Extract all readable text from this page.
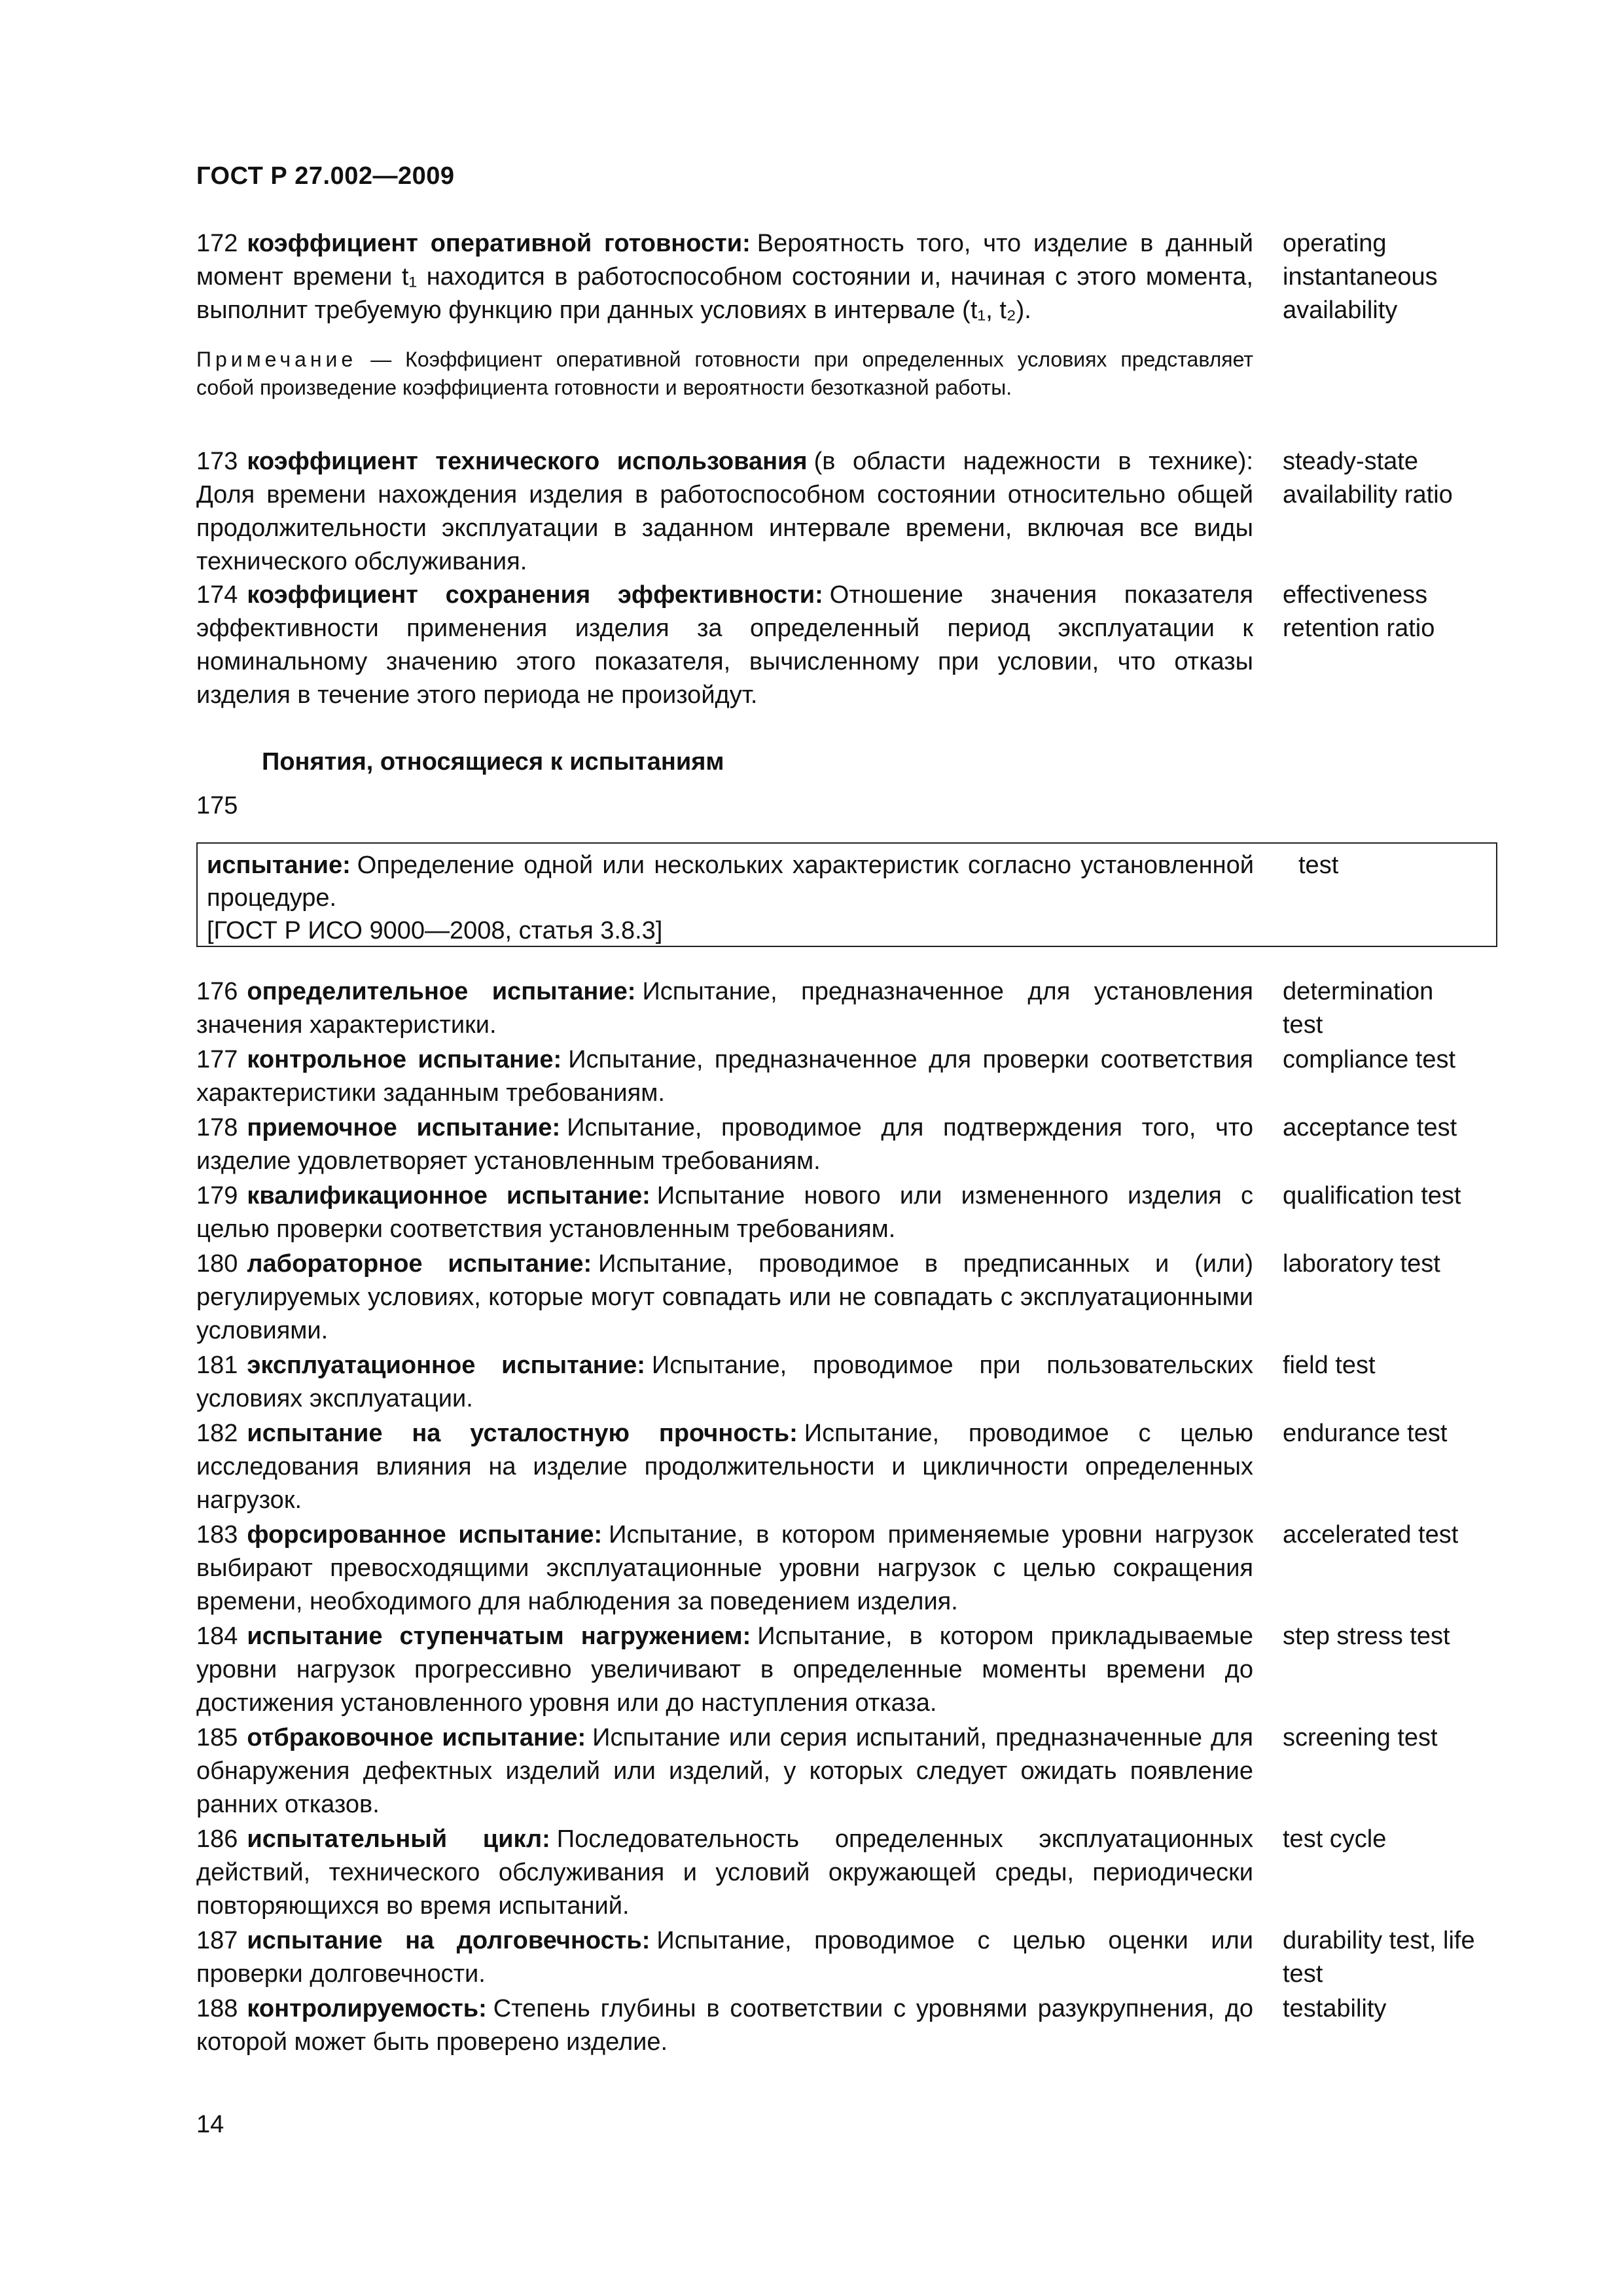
ГОСТ Р 27.002—2009
172 коэффициент оперативной готовности: Вероятность того, что изделие в данный момент времени t₁ находится в работоспособном состоянии и, начиная с этого момента, выполнит требуемую функцию при данных условиях в интервале (t₁, t₂).
operating instantaneous availability
Примечание — Коэффициент оперативной готовности при определенных условиях представляет собой произведение коэффициента готовности и вероятности безотказной работы.
173 коэффициент технического использования (в области надежности в технике): Доля времени нахождения изделия в работоспособном состоянии относительно общей продолжительности эксплуатации в заданном интервале времени, включая все виды технического обслуживания.
steady-state availability ratio
174 коэффициент сохранения эффективности: Отношение значения показателя эффективности применения изделия за определенный период эксплуатации к номинальному значению этого показателя, вычисленному при условии, что отказы изделия в течение этого периода не произойдут.
effectiveness retention ratio
Понятия, относящиеся к испытаниям
175
испытание: Определение одной или нескольких характеристик согласно установленной процедуре.
[ГОСТ Р ИСО 9000—2008, статья 3.8.3]
test
176 определительное испытание: Испытание, предназначенное для установления значения характеристики.
determination test
177 контрольное испытание: Испытание, предназначенное для проверки соответствия характеристики заданным требованиям.
compliance test
178 приемочное испытание: Испытание, проводимое для подтверждения того, что изделие удовлетворяет установленным требованиям.
acceptance test
179 квалификационное испытание: Испытание нового или измененного изделия с целью проверки соответствия установленным требованиям.
qualification test
180 лабораторное испытание: Испытание, проводимое в предписанных и (или) регулируемых условиях, которые могут совпадать или не совпадать с эксплуатационными условиями.
laboratory test
181 эксплуатационное испытание: Испытание, проводимое при пользовательских условиях эксплуатации.
field test
182 испытание на усталостную прочность: Испытание, проводимое с целью исследования влияния на изделие продолжительности и цикличности определенных нагрузок.
endurance test
183 форсированное испытание: Испытание, в котором применяемые уровни нагрузок выбирают превосходящими эксплуатационные уровни нагрузок с целью сокращения времени, необходимого для наблюдения за поведением изделия.
accelerated test
184 испытание ступенчатым нагружением: Испытание, в котором прикладываемые уровни нагрузок прогрессивно увеличивают в определенные моменты времени до достижения установленного уровня или до наступления отказа.
step stress test
185 отбраковочное испытание: Испытание или серия испытаний, предназначенные для обнаружения дефектных изделий или изделий, у которых следует ожидать появление ранних отказов.
screening test
186 испытательный цикл: Последовательность определенных эксплуатационных действий, технического обслуживания и условий окружающей среды, периодически повторяющихся во время испытаний.
test cycle
187 испытание на долговечность: Испытание, проводимое с целью оценки или проверки долговечности.
durability test, life test
188 контролируемость: Степень глубины в соответствии с уровнями разукрупнения, до которой может быть проверено изделие.
testability
14
